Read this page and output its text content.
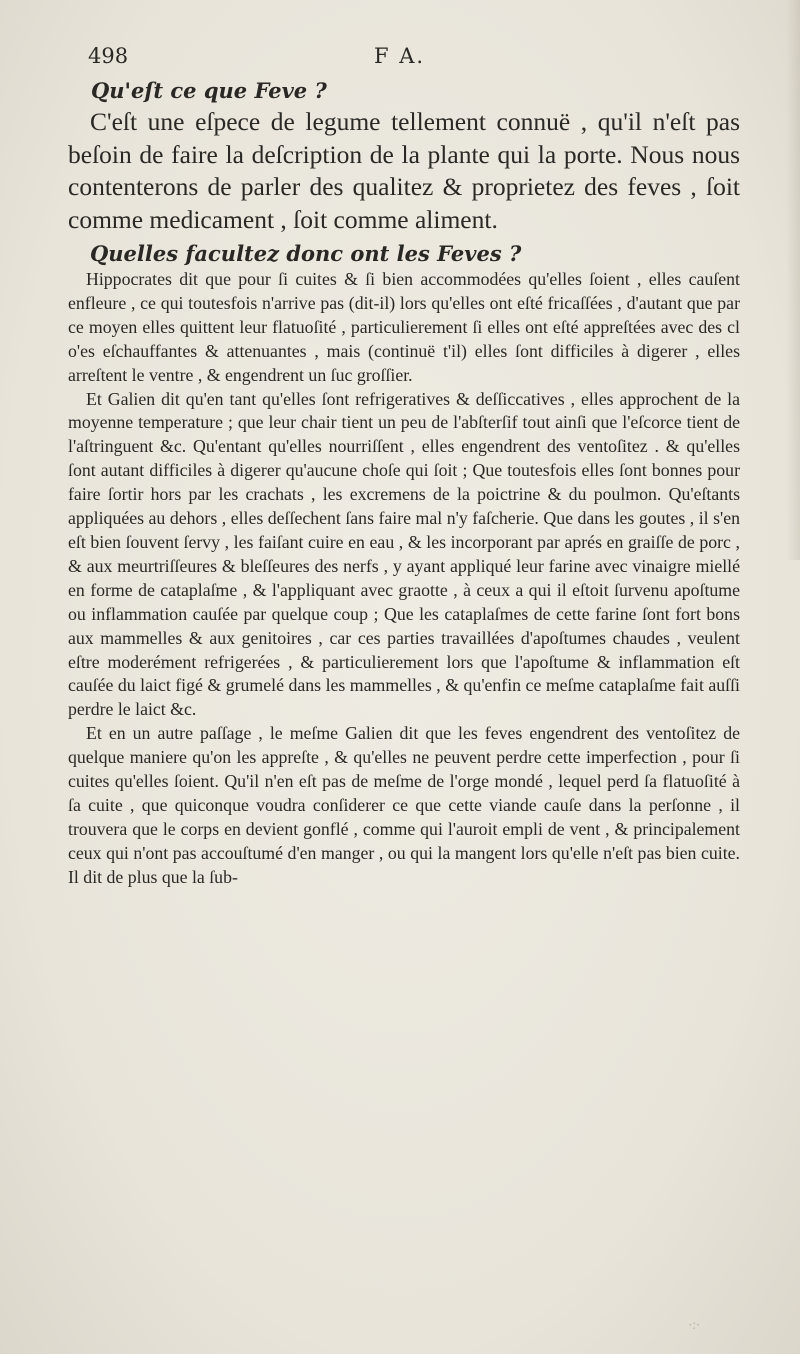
498	F A.
Qu'eſt ce que Feve ?

C'eſt une eſpece de legume tellement connuë , qu'il n'eſt pas beſoin de faire la deſcription de la plante qui la porte. Nous nous contenterons de parler des qualitez & proprietez des feves , ſoit comme medicament , ſoit comme aliment.

Quelles facultez donc ont les Feves ?

Hippocrates dit que pour ſi cuites & ſi bien accommodées qu'elles ſoient , elles cauſent enfleure , ce qui toutesfois n'arrive pas (dit-il) lors qu'elles ont eſté fricaſſées , d'autant que par ce moyen elles quittent leur flatuoſité , particulierement ſi elles ont eſté appreſtées avec des cl o'es eſchauffantes & attenuantes , mais (continuë t'il) elles ſont difficiles à digerer , elles arreſtent le ventre , & engendrent un ſuc groſſier.

Et Galien dit qu'en tant qu'elles ſont refrigeratives & deſſiccatives , elles approchent de la moyenne temperature ; que leur chair tient un peu de l'abſterſif tout ainſi que l'eſcorce tient de l'aſtringuent &c. Qu'entant qu'elles nourriſſent , elles engendrent des ventoſitez . & qu'elles ſont autant difficiles à digerer qu'aucune choſe qui ſoit ; Que toutesfois elles ſont bonnes pour faire ſortir hors par les crachats , les excremens de la poictrine & du poulmon. Qu'eſtants appliquées au dehors , elles deſſechent ſans faire mal n'y faſcherie. Que dans les goutes , il s'en eſt bien ſouvent ſervy , les faiſant cuire en eau , & les incorporant par aprés en graiſſe de porc , & aux meurtriſſeures & bleſſeures des nerfs , y ayant appliqué leur farine avec vinaigre miellé en forme de cataplaſme , & l'appliquant avec graotte , à ceux a qui il eſtoit ſurvenu apoſtume ou inflammation cauſée par quelque coup ; Que les cataplaſmes de cette farine ſont fort bons aux mammelles & aux genitoires , car ces parties travaillées d'apoſtumes chaudes , veulent eſtre moderément refrigerées , & particulierement lors que l'apoſtume & inflammation eſt cauſée du laict figé & grumelé dans les mammelles , & qu'enfin ce meſme cataplaſme fait auſſi perdre le laict &c.

Et en un autre paſſage , le meſme Galien dit que les feves engendrent des ventoſitez de quelque maniere qu'on les appreſte , & qu'elles ne peuvent perdre cette imperfection , pour ſi cuites qu'elles ſoient. Qu'il n'en eſt pas de meſme de l'orge mondé , lequel perd ſa flatuoſité à ſa cuite , que quiconque voudra conſiderer ce que cette viande cauſe dans la perſonne , il trouvera que le corps en devient gonflé , comme qui l'auroit empli de vent , & principalement ceux qui n'ont pas accouſtumé d'en manger , ou qui la mangent lors qu'elle n'eſt pas bien cuite. Il dit de plus que la ſub-

·:·
